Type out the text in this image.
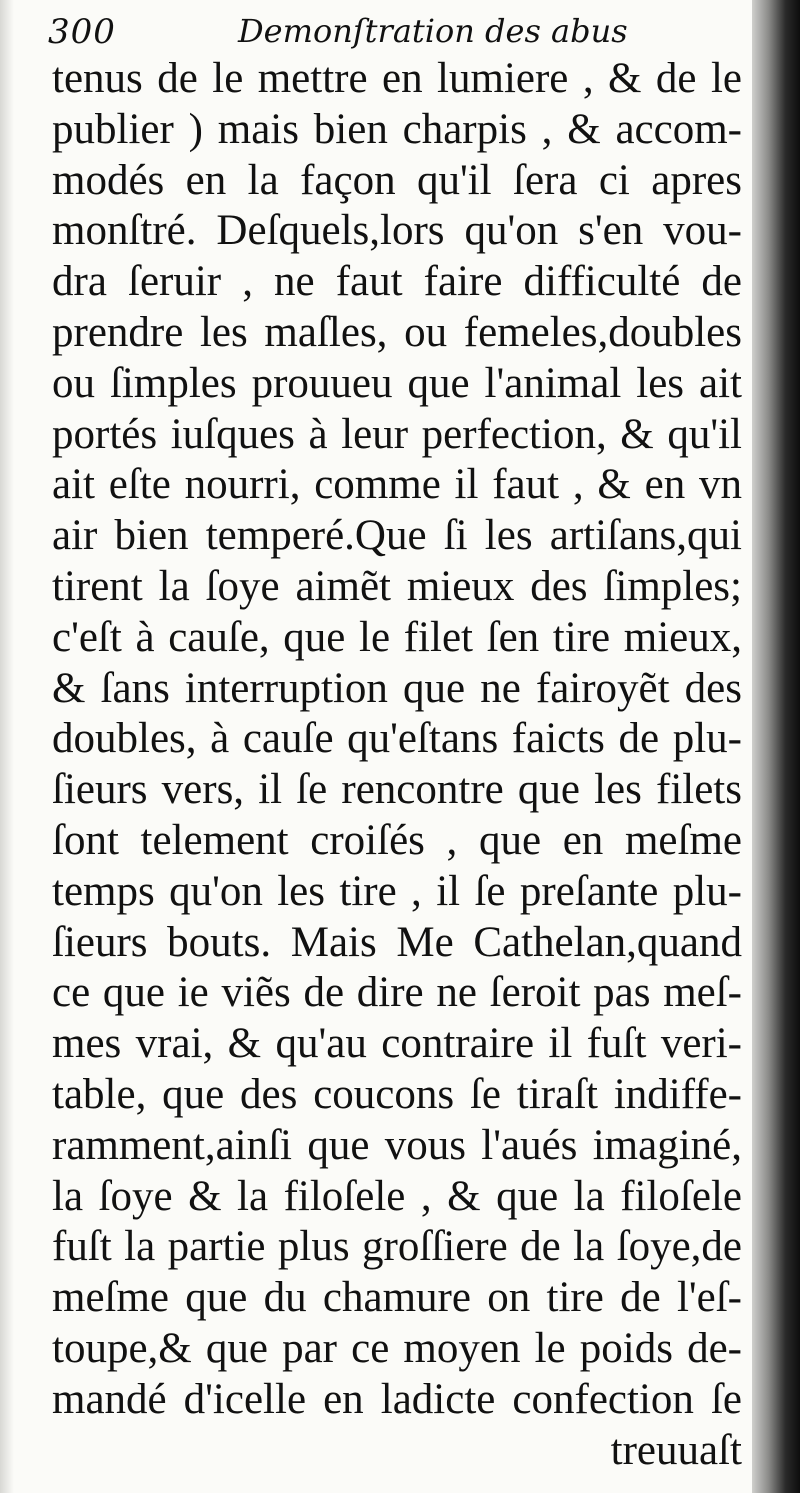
300	Demonſtration des abus
tenus de le mettre en lumiere , & de le
publier ) mais bien charpis , & accom-
modés en la façon qu'il ſera ci apres
monſtré. Deſquels,lors qu'on s'en vou-
dra ſeruir , ne faut faire difficulté de
prendre les maſles, ou femeles,doubles
ou ſimples prouueu que l'animal les ait
portés iuſques à leur perfection, & qu'il
ait eſte nourri, comme il faut , & en vn
air bien temperé.Que ſi les artiſans,qui
tirent la ſoye aimẽt mieux des ſimples;
c'eſt à cauſe, que le filet ſen tire mieux,
& ſans interruption que ne fairoyẽt des
doubles, à cauſe qu'eſtans faicts de plu-
ſieurs vers, il ſe rencontre que les filets
ſont telement croiſés , que en meſme
temps qu'on les tire , il ſe preſante plu-
ſieurs bouts. Mais Me Cathelan,quand
ce que ie viẽs de dire ne ſeroit pas meſ-
mes vrai, & qu'au contraire il fuſt veri-
table, que des coucons ſe tiraſt indiffe-
ramment,ainſi que vous l'aués imaginé,
la ſoye & la filoſele , & que la filoſele
fuſt la partie plus groſſiere de la ſoye,de
meſme que du chamure on tire de l'eſ-
toupe,& que par ce moyen le poids de-
mandé d'icelle en ladicte confection ſe
treuuaſt
